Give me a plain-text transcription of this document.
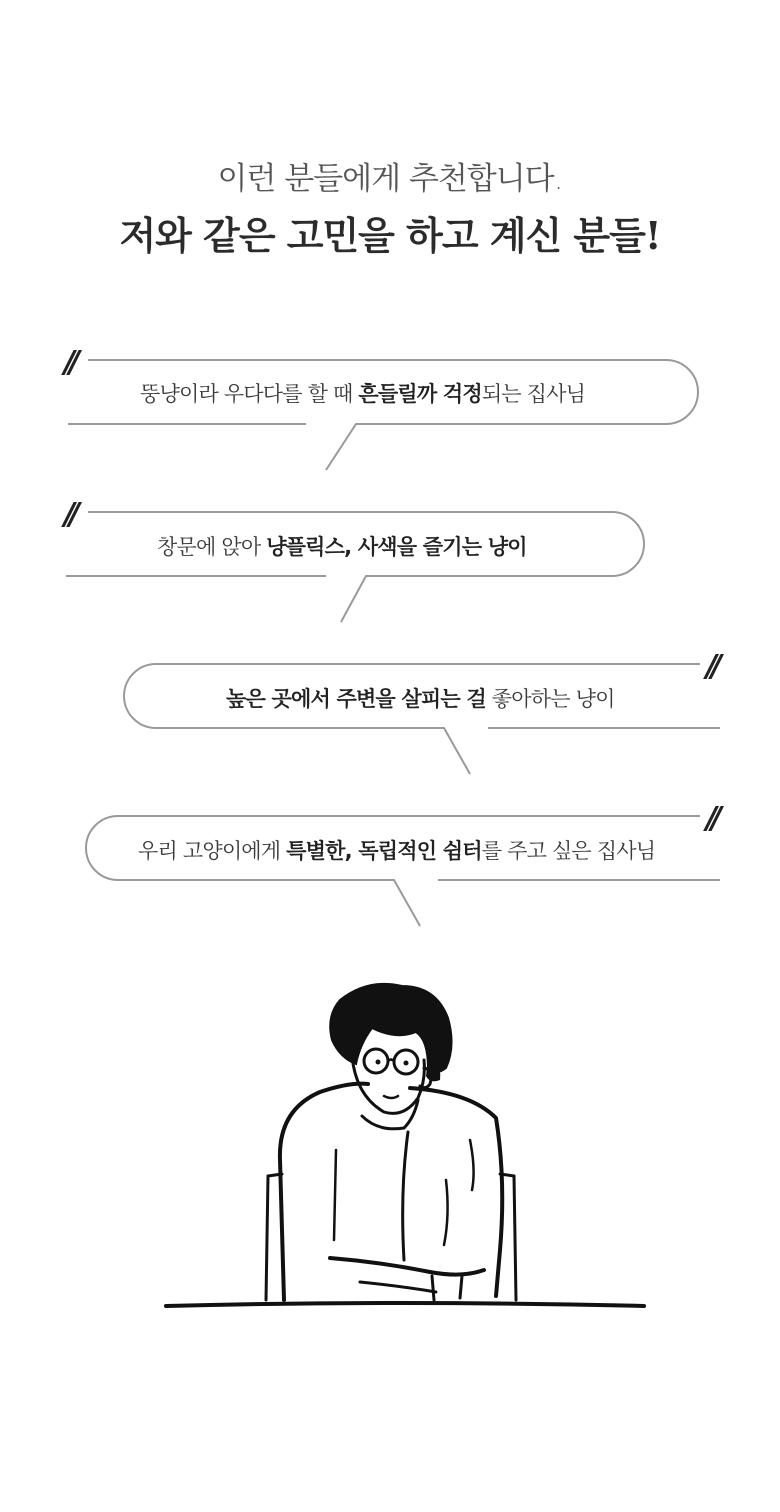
이런 분들에게 추천합니다.
저와 같은 고민을 하고 계신 분들!
//
//
//
//
뚱냥이라 우다다를 할 때 흔들릴까 걱정되는 집사님
창문에 앉아 냥플릭스, 사색을 즐기는 냥이
높은 곳에서 주변을 살피는 걸 좋아하는 냥이
우리 고양이에게 특별한, 독립적인 쉼터를 주고 싶은 집사님
